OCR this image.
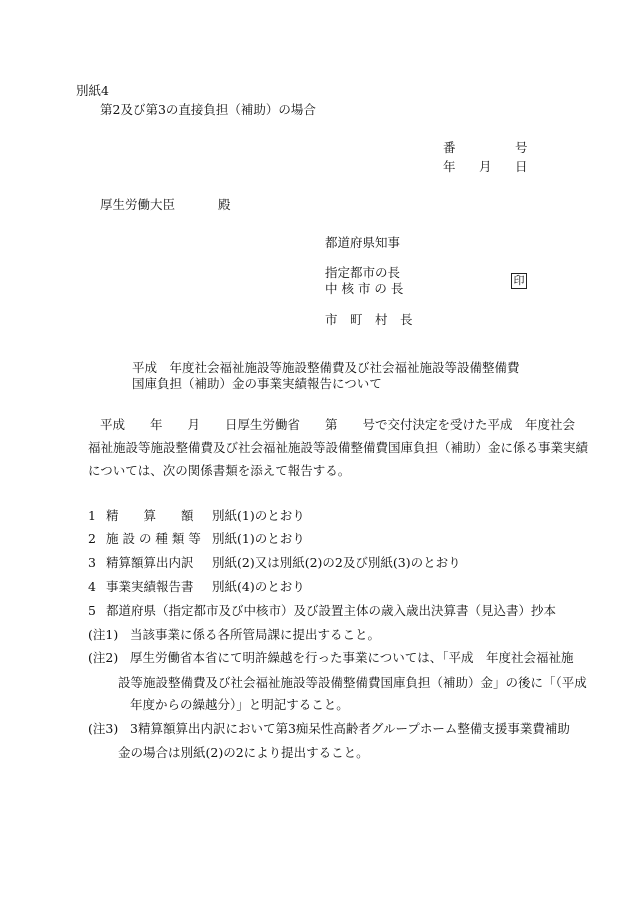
別紙4
第2及び第3の直接負担（補助）の場合
番	号
年 月 日
厚生労働大臣	殿
都道府県知事
指定都市の長
中 核 市 の 長
印
市　町　村　長
平成　年度社会福祉施設等施設整備費及び社会福祉施設等設備整備費
国庫負担（補助）金の事業実績報告について
平成　　年　　月　　日厚生労働省　　第　　号で交付決定を受けた平成　年度社会
福祉施設等施設整備費及び社会福祉施設等設備整備費国庫負担（補助）金に係る事業実績
については、次の関係書類を添えて報告する。
1 精　　算　　額 別紙(1)のとおり
2 施 設 の 種 類 等 別紙(1)のとおり
3 精算額算出内訳 別紙(2)又は別紙(2)の2及び別紙(3)のとおり
4 事業実績報告書 別紙(4)のとおり
5 都道府県（指定都市及び中核市）及び設置主体の歳入歳出決算書（見込書）抄本
(注1) 当該事業に係る各所管局課に提出すること。
(注2) 厚生労働省本省にて明許繰越を行った事業については、「平成　年度社会福祉施
設等施設整備費及び社会福祉施設等設備整備費国庫負担（補助）金」の後に「（平成
年度からの繰越分）」と明記すること。
(注3) 3精算額算出内訳において第3痴呆性高齢者グループホーム整備支援事業費補助
金の場合は別紙(2)の2により提出すること。
